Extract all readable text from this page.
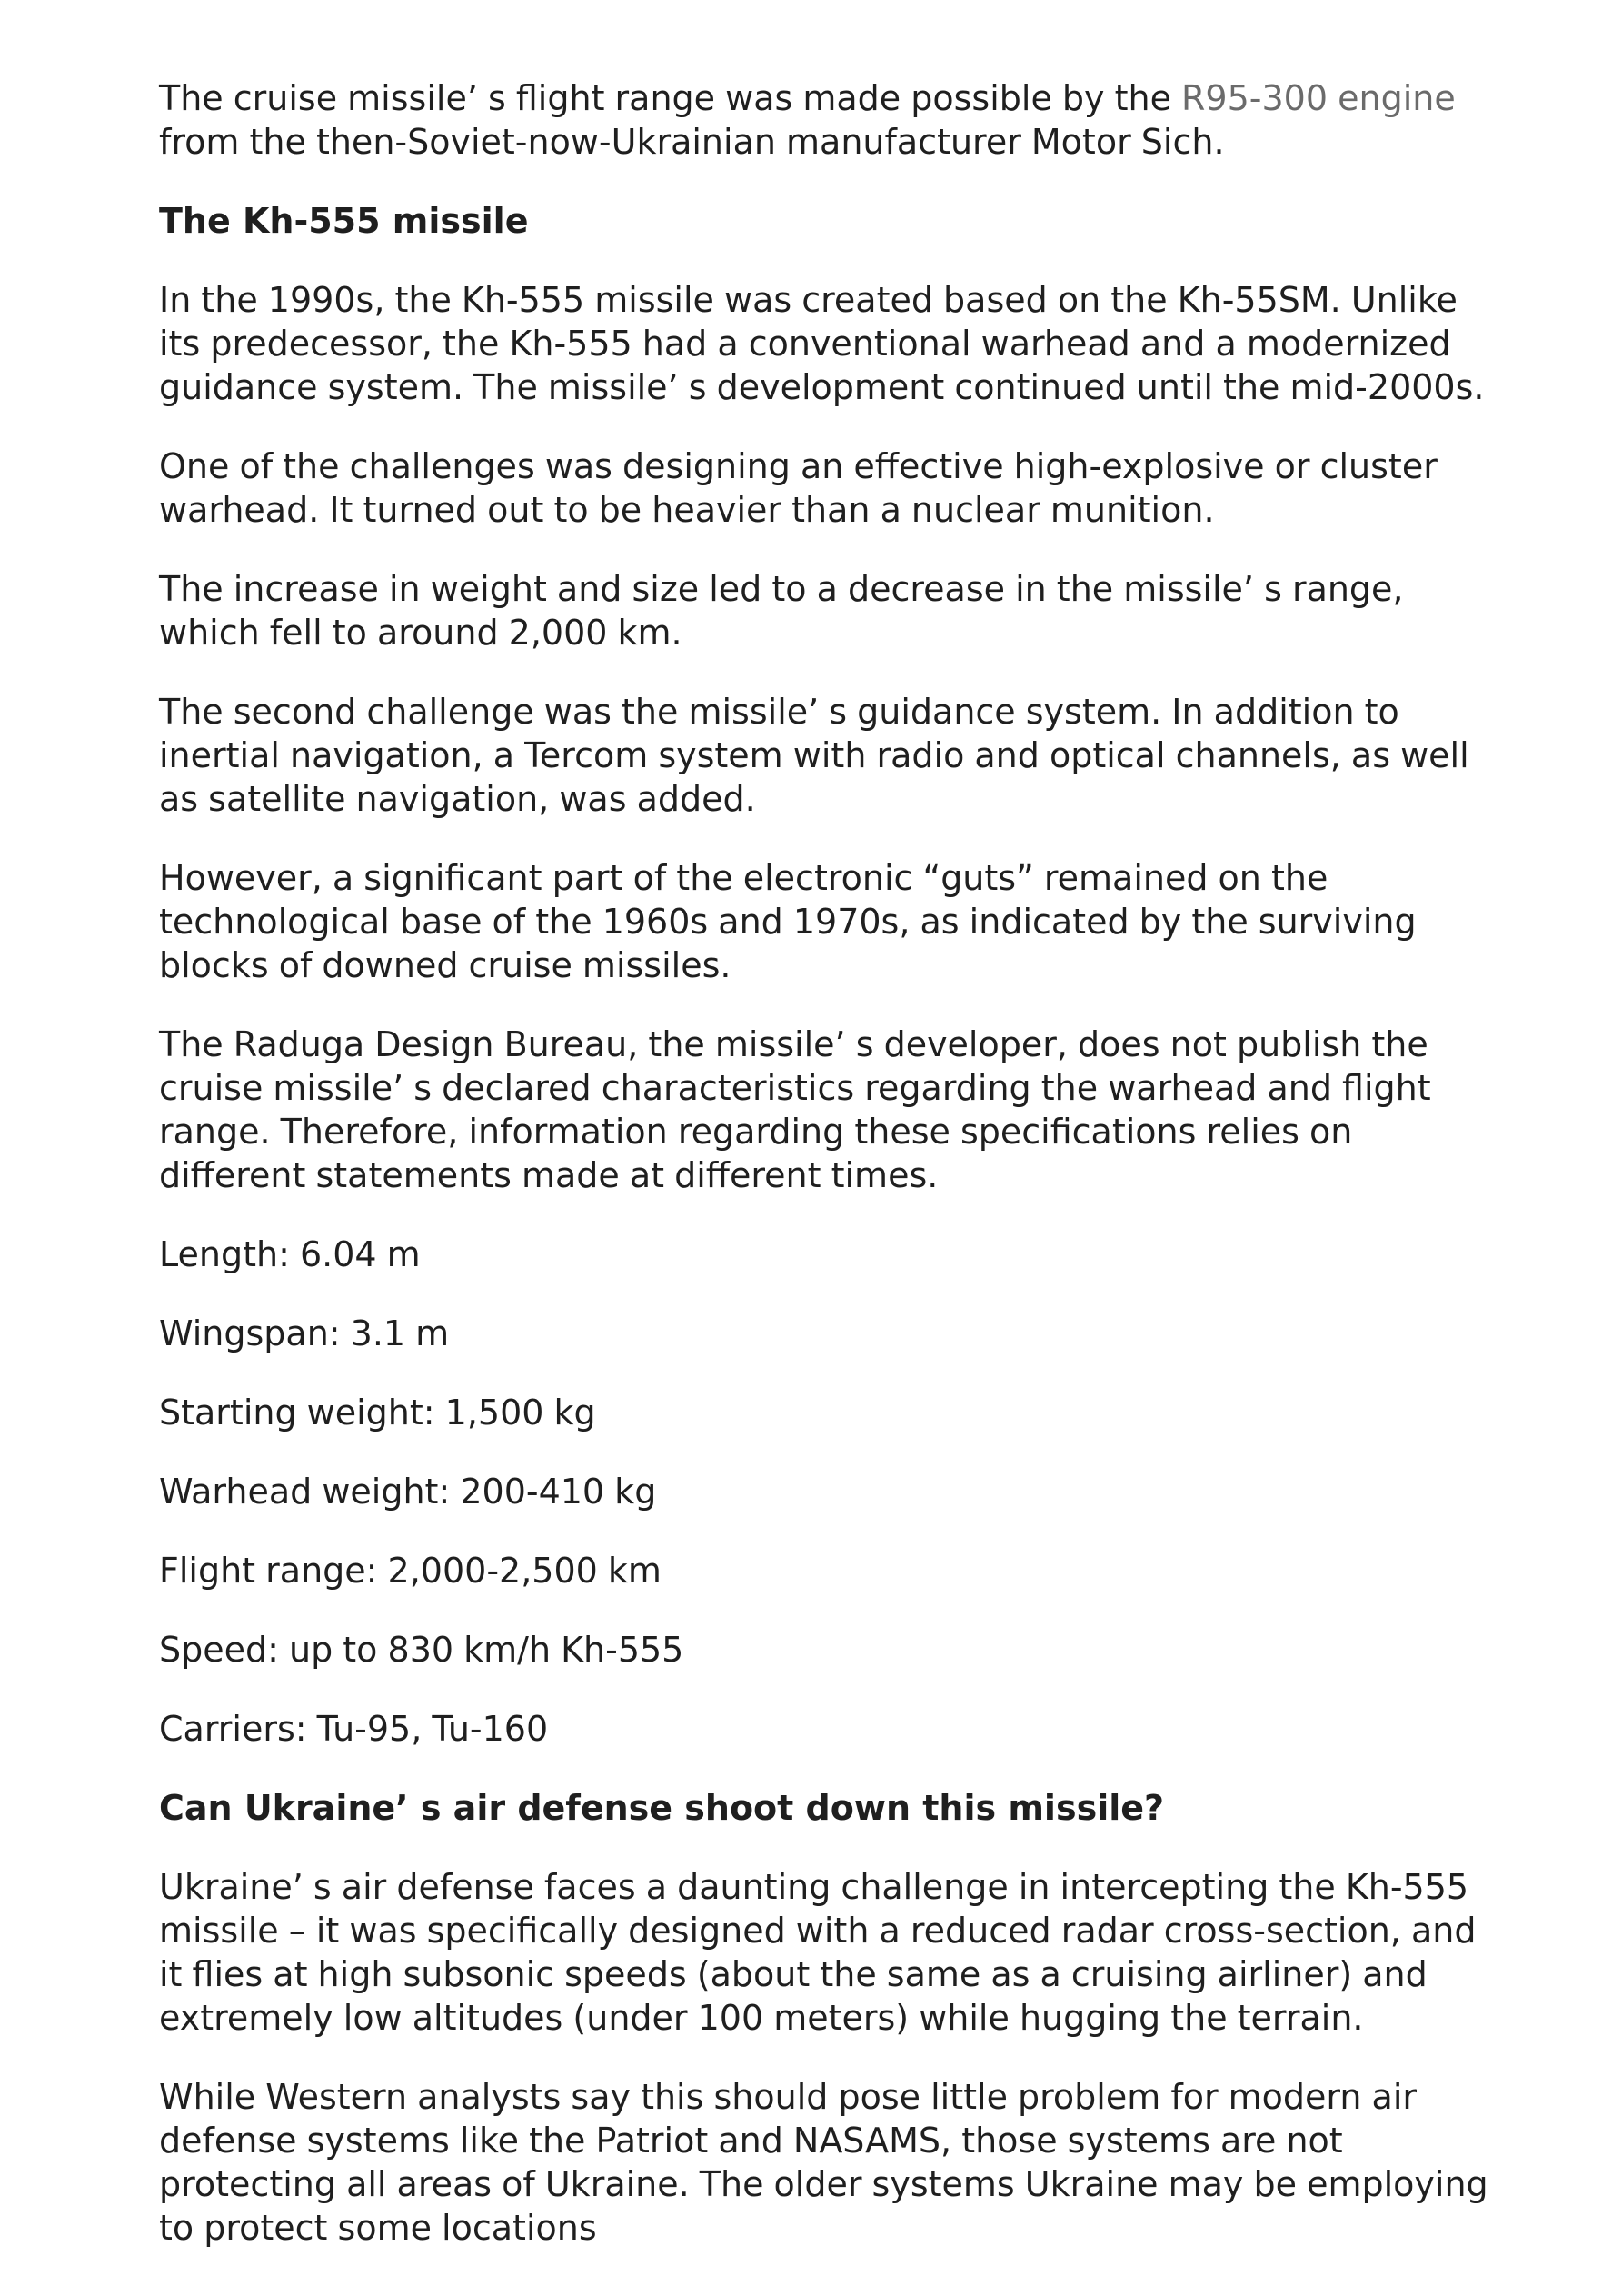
The cruise missile’ s flight range was made possible by the R95-300 engine from the then-Soviet-now-Ukrainian manufacturer Motor Sich.

The Kh-555 missile

In the 1990s, the Kh-555 missile was created based on the Kh-55SM. Unlike its predecessor, the Kh-555 had a conventional warhead and a modernized guidance system. The missile’ s development continued until the mid-2000s.

One of the challenges was designing an effective high-explosive or cluster warhead. It turned out to be heavier than a nuclear munition.

The increase in weight and size led to a decrease in the missile’ s range, which fell to around 2,000 km.

The second challenge was the missile’ s guidance system. In addition to inertial navigation, a Tercom system with radio and optical channels, as well as satellite navigation, was added.

However, a significant part of the electronic “guts” remained on the technological base of the 1960s and 1970s, as indicated by the surviving blocks of downed cruise missiles.

The Raduga Design Bureau, the missile’ s developer, does not publish the cruise missile’ s declared characteristics regarding the warhead and flight range. Therefore, information regarding these specifications relies on different statements made at different times.

Length: 6.04 m

Wingspan: 3.1 m

Starting weight: 1,500 kg

Warhead weight: 200-410 kg

Flight range: 2,000-2,500 km

Speed: up to 830 km/h Kh-555

Carriers: Tu-95, Tu-160

Can Ukraine’ s air defense shoot down this missile?

Ukraine’ s air defense faces a daunting challenge in intercepting the Kh-555 missile – it was specifically designed with a reduced radar cross-section, and it flies at high subsonic speeds (about the same as a cruising airliner) and extremely low altitudes (under 100 meters) while hugging the terrain.

While Western analysts say this should pose little problem for modern air defense systems like the Patriot and NASAMS, those systems are not protecting all areas of Ukraine. The older systems Ukraine may be employing to protect some locations
